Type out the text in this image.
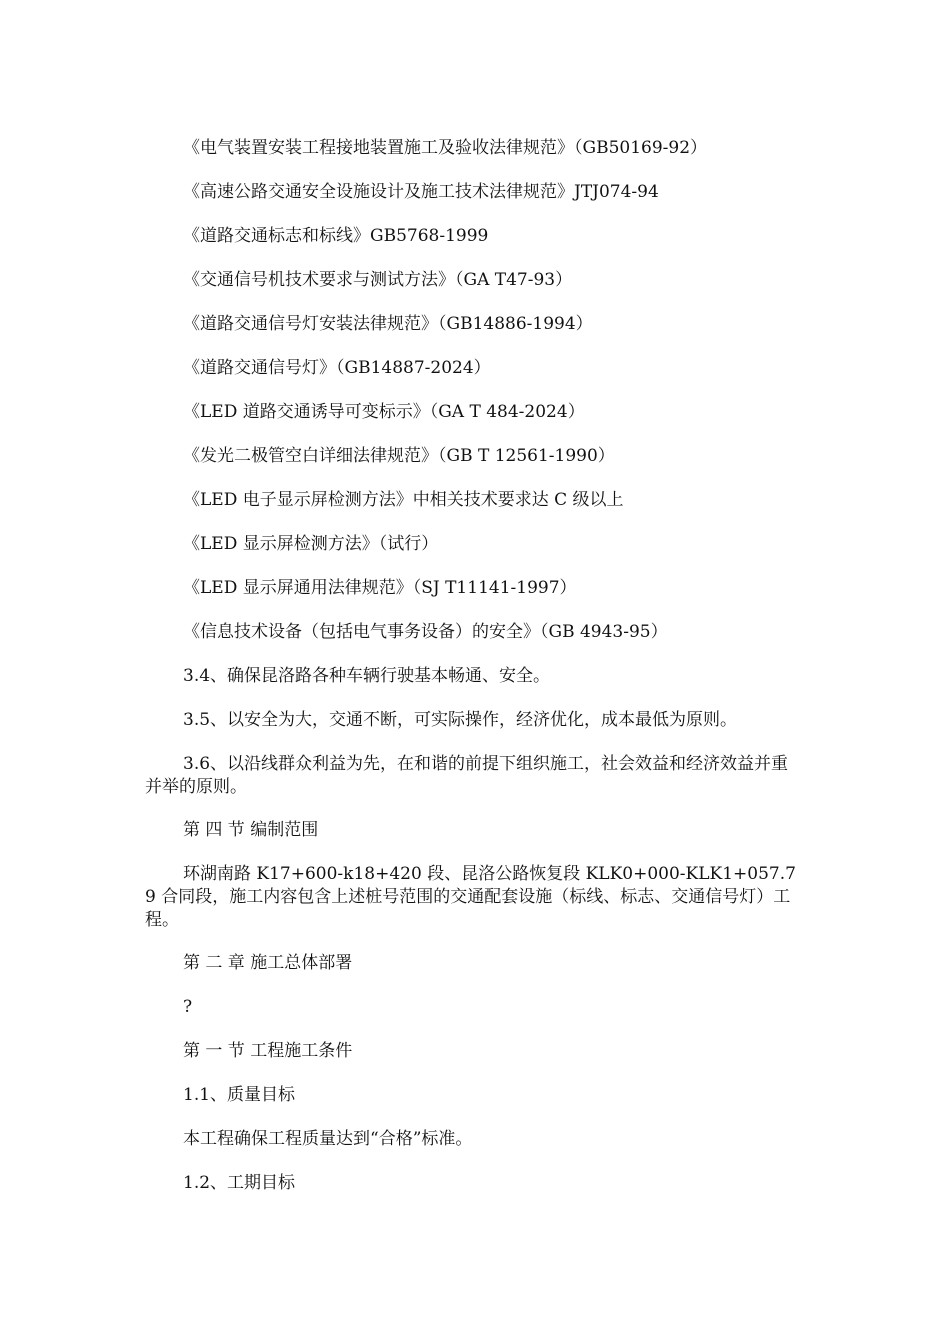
《电气装置安装工程接地装置施工及验收法律规范》（GB50169-92）

《高速公路交通安全设施设计及施工技术法律规范》JTJ074-94

《道路交通标志和标线》GB5768-1999

《交通信号机技术要求与测试方法》（GA T47-93）

《道路交通信号灯安装法律规范》（GB14886-1994）

《道路交通信号灯》（GB14887-2024）

《LED 道路交通诱导可变标示》（GA T 484-2024）

《发光二极管空白详细法律规范》（GB T 12561-1990）

《LED 电子显示屏检测方法》中相关技术要求达 C 级以上

《LED 显示屏检测方法》（试行）

《LED 显示屏通用法律规范》（SJ T11141-1997）

《信息技术设备（包括电气事务设备）的安全》（GB 4943-95）

3.4、确保昆洛路各种车辆行驶基本畅通、安全。

3.5、以安全为大，交通不断，可实际操作，经济优化，成本最低为原则。

3.6、以沿线群众利益为先，在和谐的前提下组织施工，社会效益和经济效益并重并举的原则。

第 四 节 编制范围

环湖南路 K17+600-k18+420 段、昆洛公路恢复段 KLK0+000-KLK1+057.79 合同段，施工内容包含上述桩号范围的交通配套设施（标线、标志、交通信号灯）工程。

第 二 章 施工总体部署

?

第 一 节 工程施工条件

1.1、质量目标

本工程确保工程质量达到“合格”标准。

1.2、工期目标
